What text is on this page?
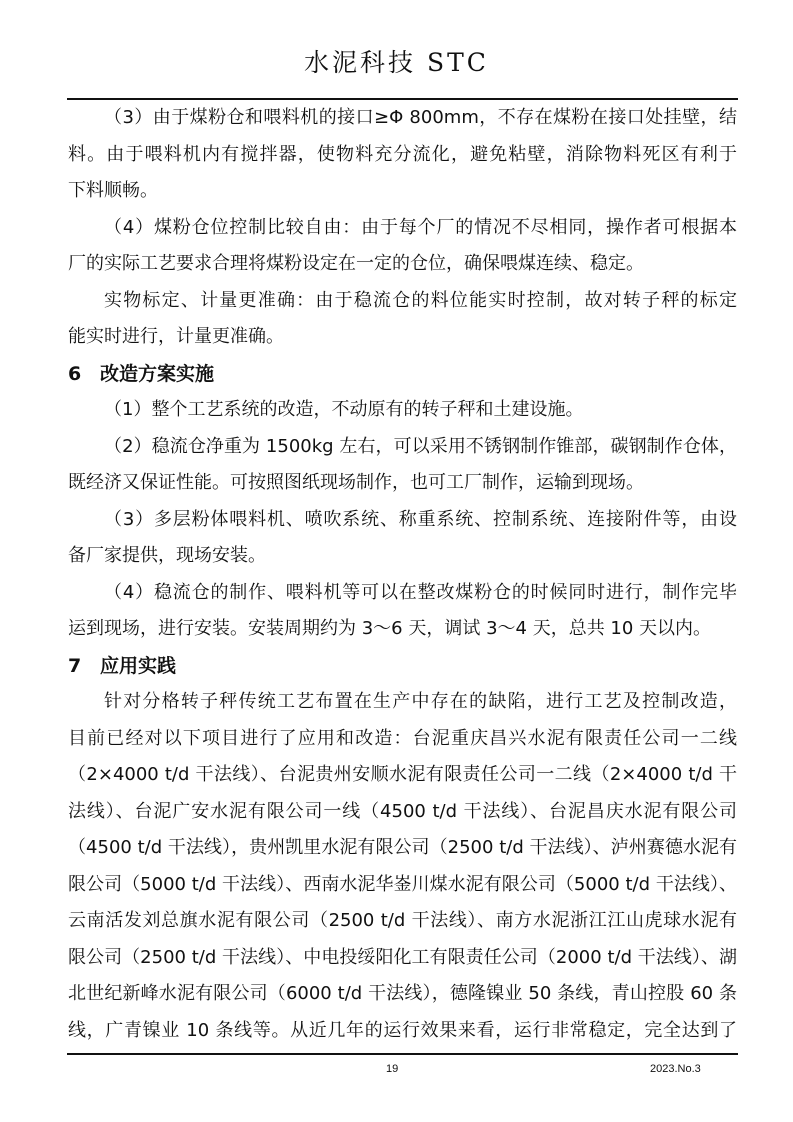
水泥科技 STC
（3）由于煤粉仓和喂料机的接口≥Φ 800mm，不存在煤粉在接口处挂壁，结
料。由于喂料机内有搅拌器，使物料充分流化，避免粘壁，消除物料死区有利于
下料顺畅。
（4）煤粉仓位控制比较自由：由于每个厂的情况不尽相同，操作者可根据本
厂的实际工艺要求合理将煤粉设定在一定的仓位，确保喂煤连续、稳定。
实物标定、计量更准确：由于稳流仓的料位能实时控制，故对转子秤的标定
能实时进行，计量更准确。
6 改造方案实施
（1）整个工艺系统的改造，不动原有的转子秤和土建设施。
（2）稳流仓净重为 1500kg 左右，可以采用不锈钢制作锥部，碳钢制作仓体，
既经济又保证性能。可按照图纸现场制作，也可工厂制作，运输到现场。
（3）多层粉体喂料机、喷吹系统、称重系统、控制系统、连接附件等，由设
备厂家提供，现场安装。
（4）稳流仓的制作、喂料机等可以在整改煤粉仓的时候同时进行，制作完毕
运到现场，进行安装。安装周期约为 3～6 天，调试 3～4 天，总共 10 天以内。
7 应用实践
针对分格转子秤传统工艺布置在生产中存在的缺陷，进行工艺及控制改造，
目前已经对以下项目进行了应用和改造：台泥重庆昌兴水泥有限责任公司一二线
（2×4000 t/d 干法线）、台泥贵州安顺水泥有限责任公司一二线（2×4000 t/d 干
法线）、台泥广安水泥有限公司一线（4500 t/d 干法线）、台泥昌庆水泥有限公司
（4500 t/d 干法线），贵州凯里水泥有限公司（2500 t/d 干法线）、泸州赛德水泥有
限公司（5000 t/d 干法线）、西南水泥华崟川煤水泥有限公司（5000 t/d 干法线）、
云南活发刘总旗水泥有限公司（2500 t/d 干法线）、南方水泥浙江江山虎球水泥有
限公司（2500 t/d 干法线）、中电投绥阳化工有限责任公司（2000 t/d 干法线）、湖
北世纪新峰水泥有限公司（6000 t/d 干法线），德隆镍业 50 条线，青山控股 60 条
线，广青镍业 10 条线等。从近几年的运行效果来看，运行非常稳定，完全达到了
19	2023.No.3
